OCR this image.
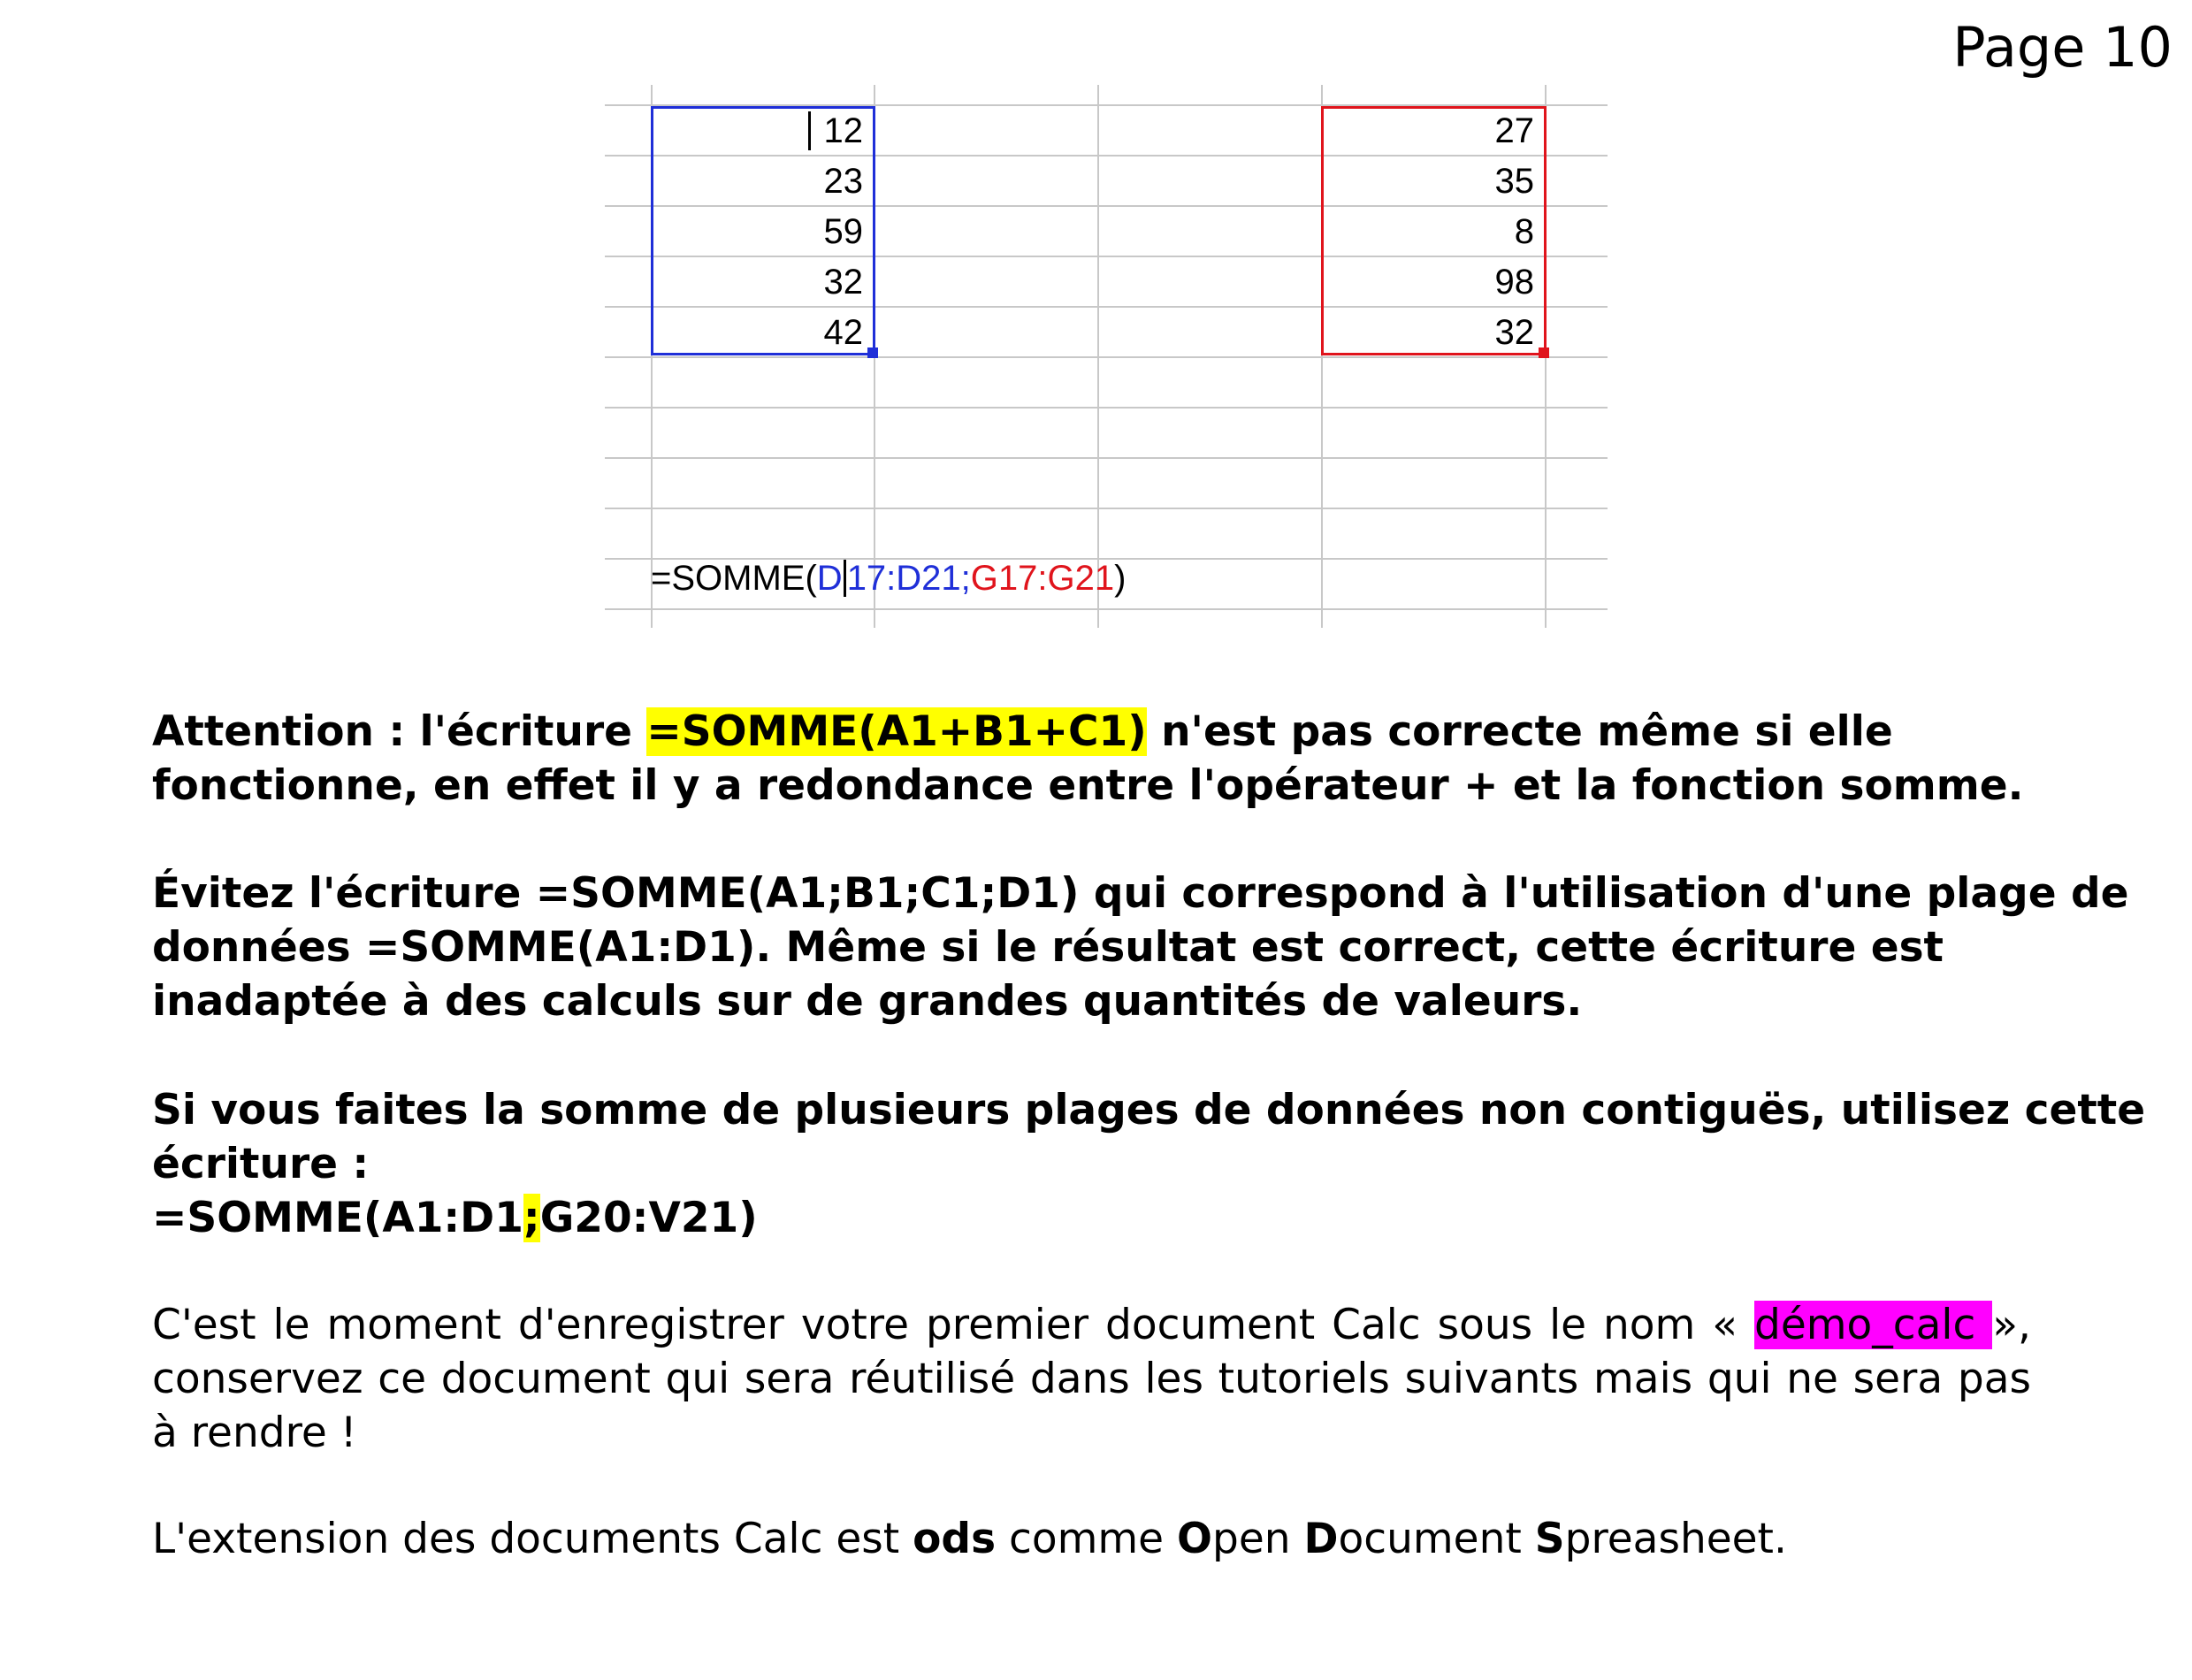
Page 10
12
23
59
32
42
27
35
8
98
32
=SOMME(D 17:D21;G17:G21)
Attention : l'écriture =SOMME(A1+B1+C1) n'est pas correcte même si elle
fonctionne, en effet il y a redondance entre l'opérateur + et la fonction somme.
Évitez l'écriture =SOMME(A1;B1;C1;D1) qui correspond à l'utilisation d'une plage de
données =SOMME(A1:D1). Même si le résultat est correct, cette écriture est
inadaptée à des calculs sur de grandes quantités de valeurs.
Si vous faites la somme de plusieurs plages de données non contiguës, utilisez cette
écriture :
=SOMME(A1:D1;G20:V21)
C'est le moment d'enregistrer votre premier document Calc sous le nom « démo_calc », conservez ce document qui sera réutilisé dans les tutoriels suivants mais qui ne sera pas à rendre !
L'extension des documents Calc est ods comme Open Document Spreasheet.
